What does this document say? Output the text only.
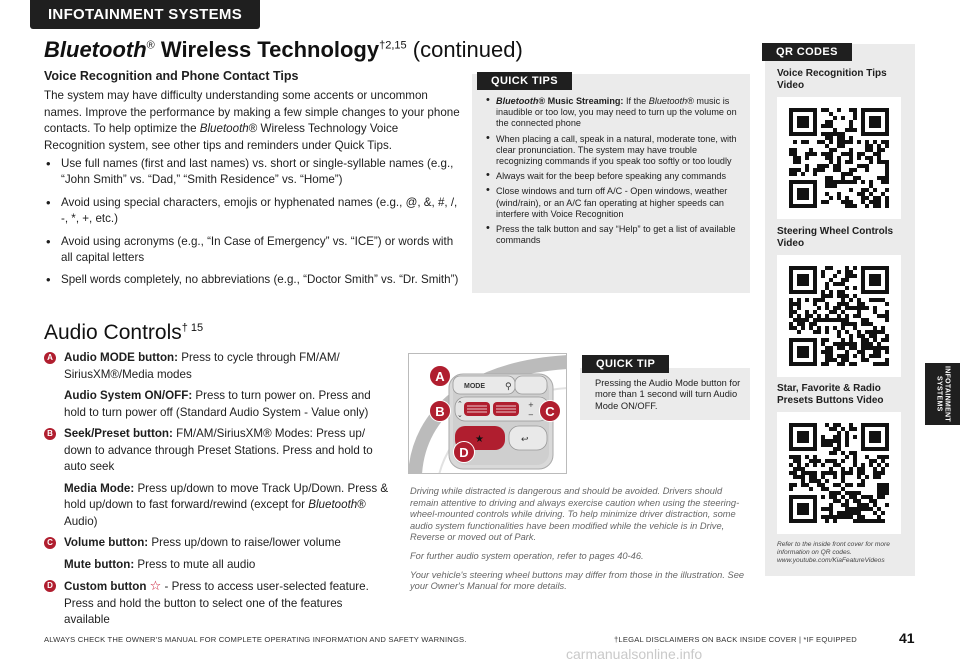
INFOTAINMENT SYSTEMS
Bluetooth® Wireless Technology$^{\dagger 2,15}$ (continued)
Voice Recognition and Phone Contact Tips
The system may have difficulty understanding some accents or uncommon names. Improve the performance by making a few simple changes to your phone contacts. To help optimize the Bluetooth® Wireless Technology Voice Recognition system, see other tips and reminders under Quick Tips.
• Use full names (first and last names) vs. short or single-syllable names (e.g., “John Smith” vs. “Dad,” “Smith Residence” vs. “Home”)
• Avoid using special characters, emojis or hyphenated names (e.g., @, &, #, /, -, *, +, etc.)
• Avoid using acronyms (e.g., “In Case of Emergency” vs. “ICE”) or words with all capital letters
• Spell words completely, no abbreviations (e.g., “Doctor Smith” vs. “Dr. Smith”)
QUICK TIPS
• Bluetooth® Music Streaming: If the Bluetooth® music is inaudible or too low, you may need to turn up the volume on the connected phone
• When placing a call, speak in a natural, moderate tone, with clear pronunciation. The system may have trouble recognizing commands if you speak too softly or too loudly
• Always wait for the beep before speaking any commands
• Close windows and turn off A/C - Open windows, weather (wind/rain), or an A/C fan operating at higher speeds can interfere with Voice Recognition
• Press the talk button and say “Help” to get a list of available commands
QR CODES
Voice Recognition Tips Video
Steering Wheel Controls Video
Star, Favorite & Radio Presets Buttons Video
Refer to the inside front cover for more information on QR codes. www.youtube.com/KiaFeatureVideos
INFOTAINMENT SYSTEMS
Audio Controls$^{\dagger 15}$
A Audio MODE button: Press to cycle through FM/AM/ SiriusXM®/Media modes
Audio System ON/OFF: Press to turn power on. Press and hold to turn power off (Standard Audio System - Value only)
B Seek/Preset button: FM/AM/SiriusXM® Modes: Press up/ down to advance through Preset Stations. Press and hold to auto seek
Media Mode: Press up/down to move Track Up/Down. Press & hold up/down to fast forward/rewind (except for Bluetooth® Audio)
C Volume button: Press up/down to raise/lower volume
Mute button: Press to mute all audio
D Custom button ☆ - Press to access user-selected feature. Press and hold the button to select one of the features available
MODE
⌃
⌄
+
−
★	↩
⚲
A
B	C
D
QUICK TIP
Pressing the Audio Mode button for more than 1 second will turn Audio Mode ON/OFF.

Driving while distracted is dangerous and should be avoided. Drivers should remain attentive to driving and always exercise caution when using the steering-wheel-mounted controls while driving. To help minimize driver distraction, some audio system functionalities have been modified while the vehicle is in Drive, Reverse or moved out of Park.

For further audio system operation, refer to pages 40-46.

Your vehicle's steering wheel buttons may differ from those in the illustration. See your Owner's Manual for more details.

ALWAYS CHECK THE OWNER'S MANUAL FOR COMPLETE OPERATING INFORMATION AND SAFETY WARNINGS.	†LEGAL DISCLAIMERS ON BACK INSIDE COVER | *IF EQUIPPED	41
carmanualsonline.info
